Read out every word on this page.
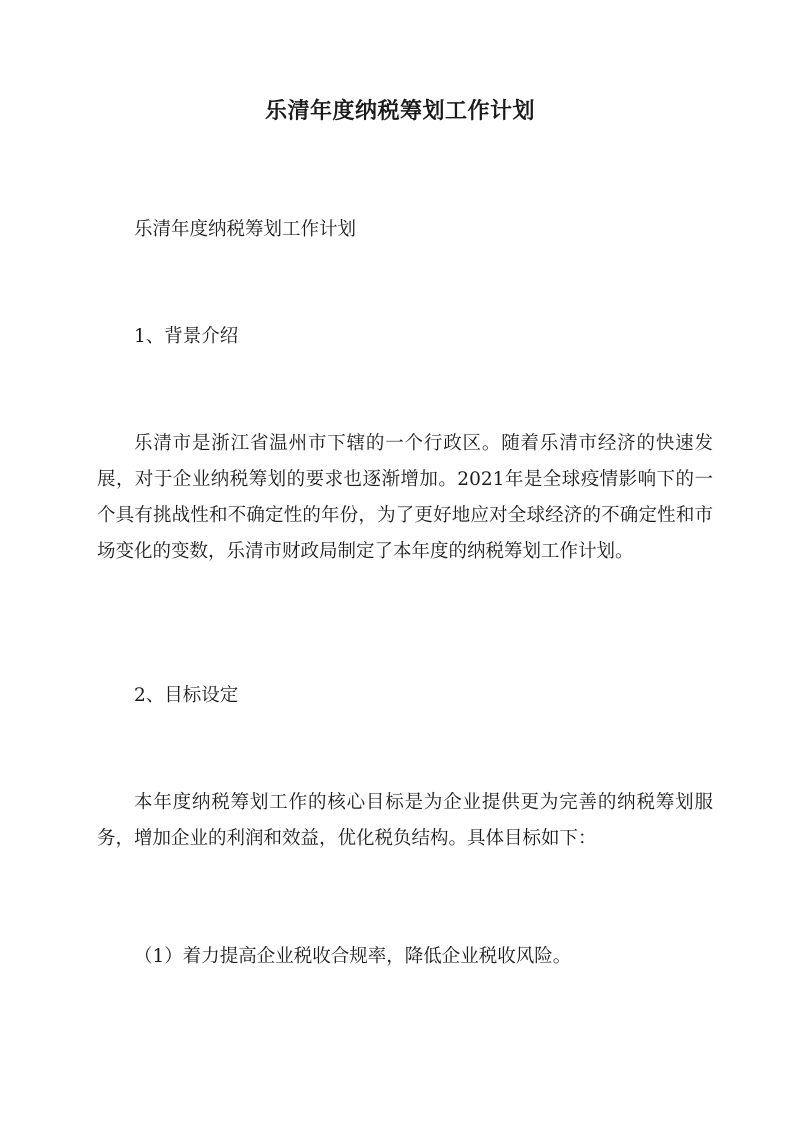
乐清年度纳税筹划工作计划

乐清年度纳税筹划工作计划

1、背景介绍

乐清市是浙江省温州市下辖的一个行政区。随着乐清市经济的快速发展，对于企业纳税筹划的要求也逐渐增加。2021年是全球疫情影响下的一个具有挑战性和不确定性的年份，为了更好地应对全球经济的不确定性和市场变化的变数，乐清市财政局制定了本年度的纳税筹划工作计划。

2、目标设定

本年度纳税筹划工作的核心目标是为企业提供更为完善的纳税筹划服务，增加企业的利润和效益，优化税负结构。具体目标如下：

（1）着力提高企业税收合规率，降低企业税收风险。
